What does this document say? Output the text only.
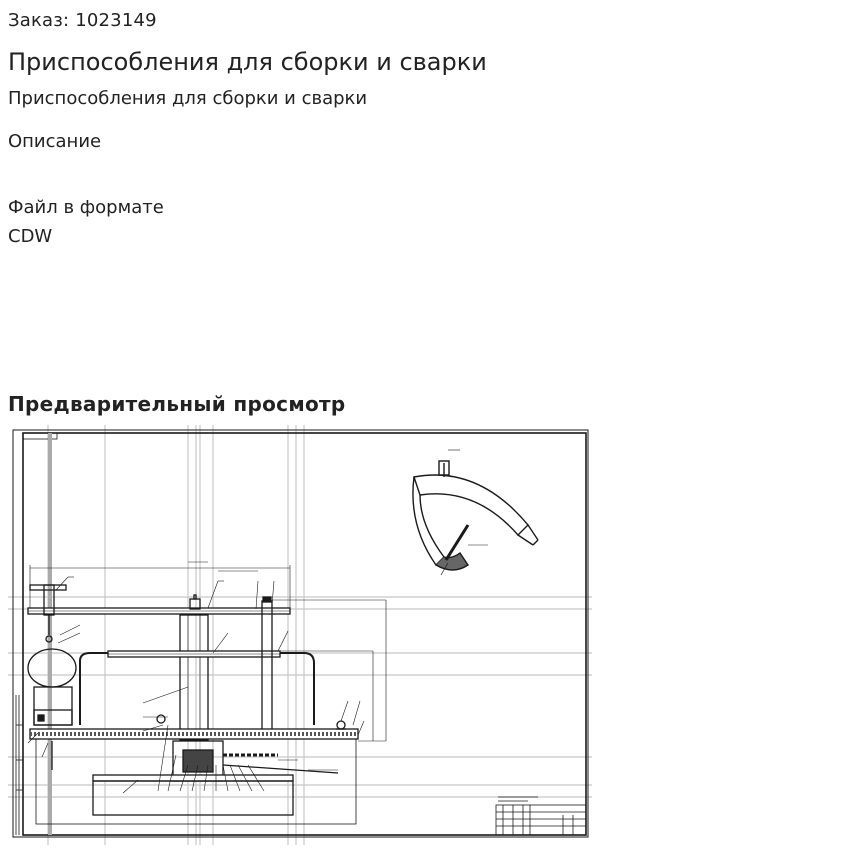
Заказ: 1023149
Приспособления для сборки и сварки
Приспособления для сборки и сварки
Описание
Файл в формате CDW
Предварительный просмотр
